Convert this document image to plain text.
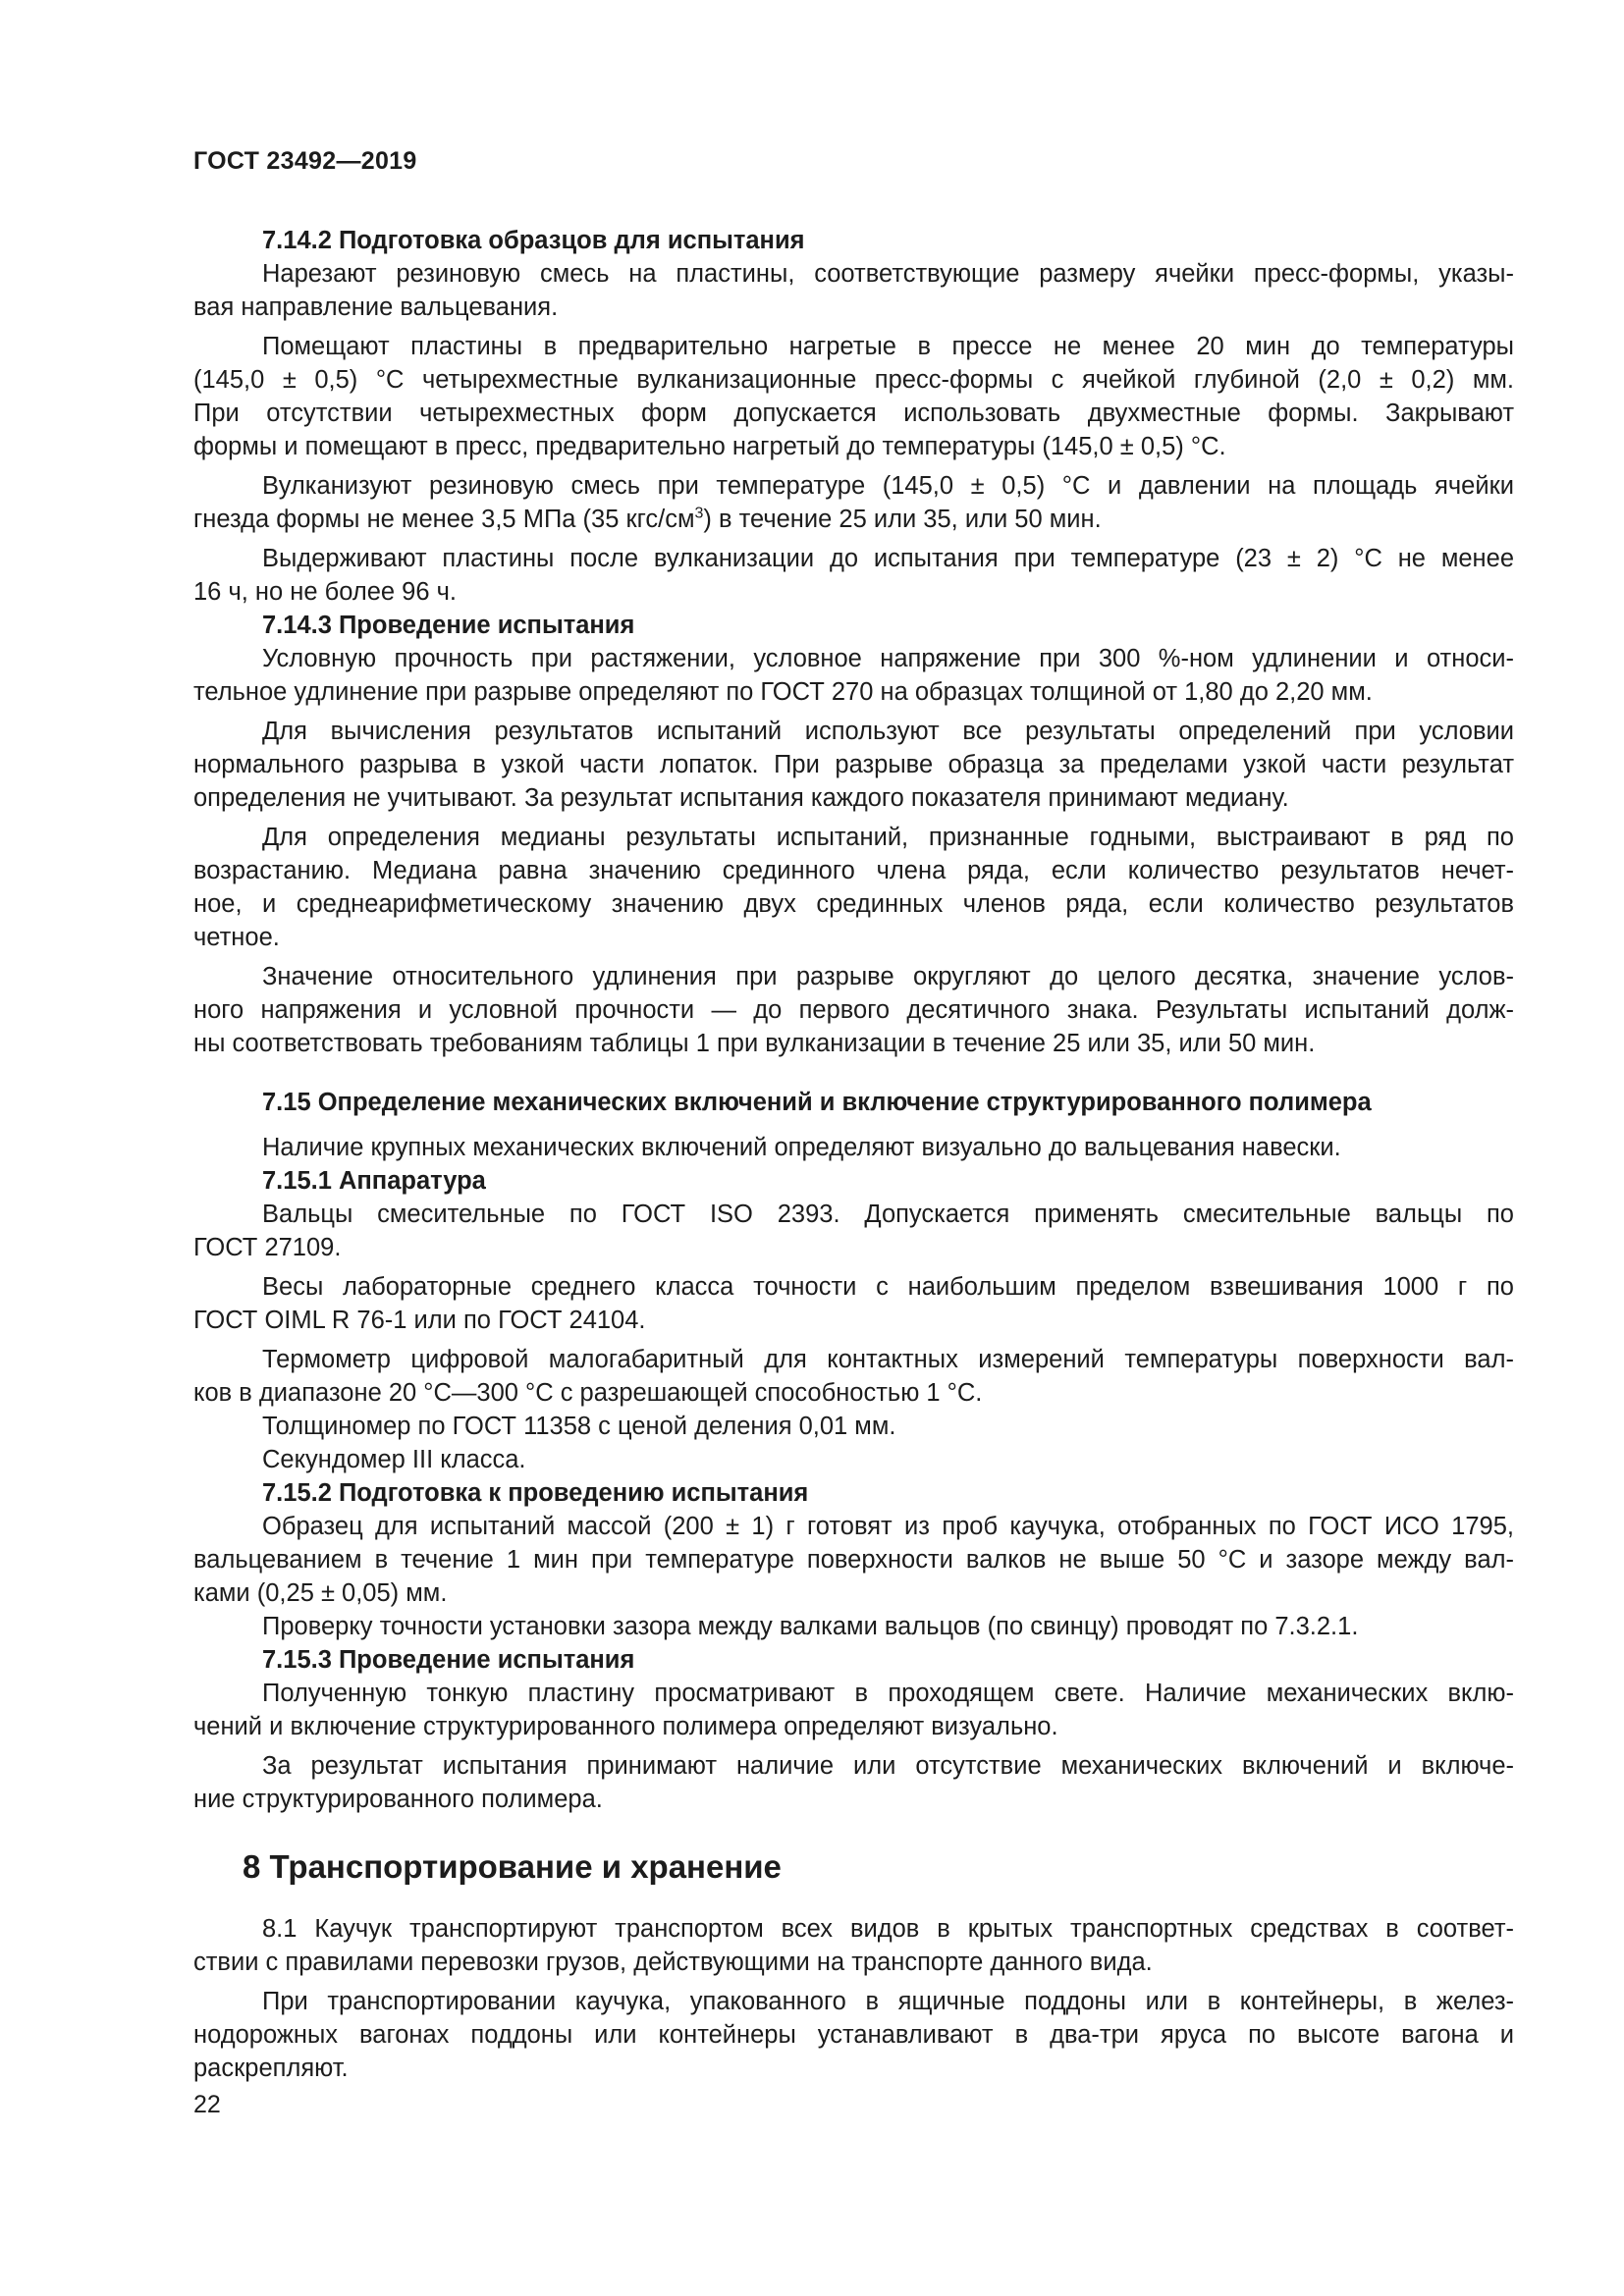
ГОСТ 23492—2019
7.14.2 Подготовка образцов для испытания
Нарезают резиновую смесь на пластины, соответствующие размеру ячейки пресс-формы, указы-
вая направление вальцевания.
Помещают пластины в предварительно нагретые в прессе не менее 20 мин до температуры
(145,0 ± 0,5) °С четырехместные вулканизационные пресс-формы с ячейкой глубиной (2,0 ± 0,2) мм.
При отсутствии четырехместных форм допускается использовать двухместные формы. Закрывают
формы и помещают в пресс, предварительно нагретый до температуры (145,0 ± 0,5) °С.
Вулканизуют резиновую смесь при температуре (145,0 ± 0,5) °С и давлении на площадь ячейки
гнезда формы не менее 3,5 МПа (35 кгс/$см^3$) в течение 25 или 35, или 50 мин.
Выдерживают пластины после вулканизации до испытания при температуре (23 ± 2) °С не менее
16 ч, но не более 96 ч.
7.14.3 Проведение испытания
Условную прочность при растяжении, условное напряжение при 300 %-ном удлинении и относи-
тельное удлинение при разрыве определяют по ГОСТ 270 на образцах толщиной от 1,80 до 2,20 мм.
Для вычисления результатов испытаний используют все результаты определений при условии
нормального разрыва в узкой части лопаток. При разрыве образца за пределами узкой части результат
определения не учитывают. За результат испытания каждого показателя принимают медиану.
Для определения медианы результаты испытаний, признанные годными, выстраивают в ряд по
возрастанию. Медиана равна значению срединного члена ряда, если количество результатов нечет-
ное, и среднеарифметическому значению двух срединных членов ряда, если количество результатов
четное.
Значение относительного удлинения при разрыве округляют до целого десятка, значение услов-
ного напряжения и условной прочности — до первого десятичного знака. Результаты испытаний долж-
ны соответствовать требованиям таблицы 1 при вулканизации в течение 25 или 35, или 50 мин.
7.15 Определение механических включений и включение структурированного полимера
Наличие крупных механических включений определяют визуально до вальцевания навески.
7.15.1 Аппаратура
Вальцы смесительные по ГОСТ ISO 2393. Допускается применять смесительные вальцы по
ГОСТ 27109.
Весы лабораторные среднего класса точности с наибольшим пределом взвешивания 1000 г по
ГОСТ OIML R 76-1 или по ГОСТ 24104.
Термометр цифровой малогабаритный для контактных измерений температуры поверхности вал-
ков в диапазоне 20 °С—300 °С с разрешающей способностью 1 °С.
Толщиномер по ГОСТ 11358 с ценой деления 0,01 мм.
Секундомер III класса.
7.15.2 Подготовка к проведению испытания
Образец для испытаний массой (200 ± 1) г готовят из проб каучука, отобранных по ГОСТ ИСО 1795,
вальцеванием в течение 1 мин при температуре поверхности валков не выше 50 °С и зазоре между вал-
ками (0,25 ± 0,05) мм.
Проверку точности установки зазора между валками вальцов (по свинцу) проводят по 7.3.2.1.
7.15.3 Проведение испытания
Полученную тонкую пластину просматривают в проходящем свете. Наличие механических вклю-
чений и включение структурированного полимера определяют визуально.
За результат испытания принимают наличие или отсутствие механических включений и включе-
ние структурированного полимера.
8 Транспортирование и хранение
8.1 Каучук транспортируют транспортом всех видов в крытых транспортных средствах в соответ-
ствии с правилами перевозки грузов, действующими на транспорте данного вида.
При транспортировании каучука, упакованного в ящичные поддоны или в контейнеры, в желез-
нодорожных вагонах поддоны или контейнеры устанавливают в два-три яруса по высоте вагона и
раскрепляют.
22
